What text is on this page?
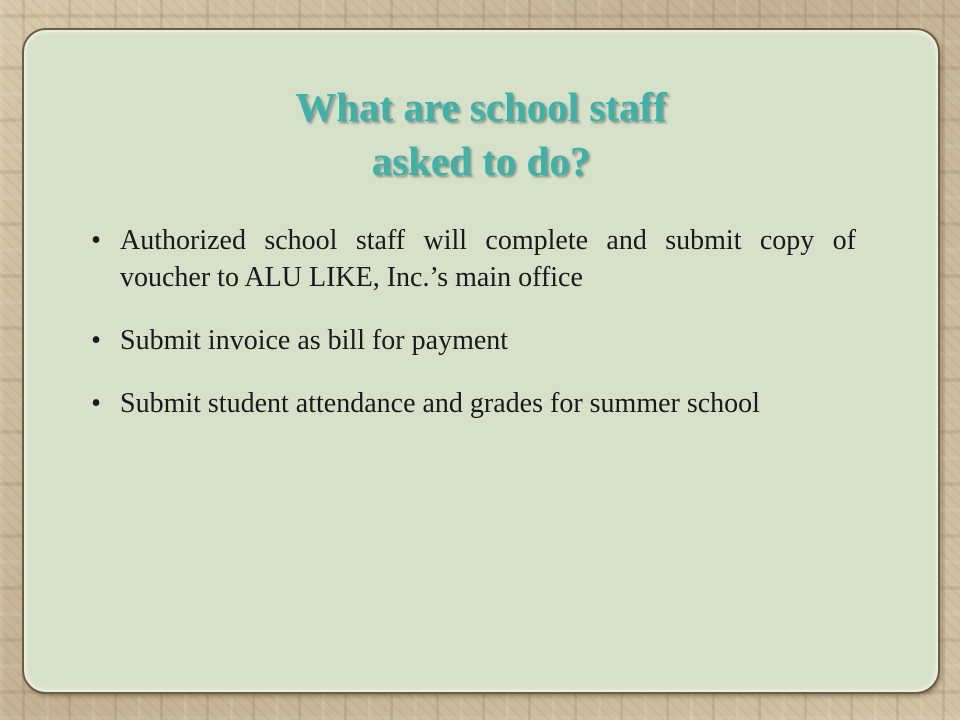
What are school staff
asked to do?
• Authorized school staff will complete and submit copy of voucher to ALU LIKE, Inc.’s main office
• Submit invoice as bill for payment
• Submit student attendance and grades for summer school
